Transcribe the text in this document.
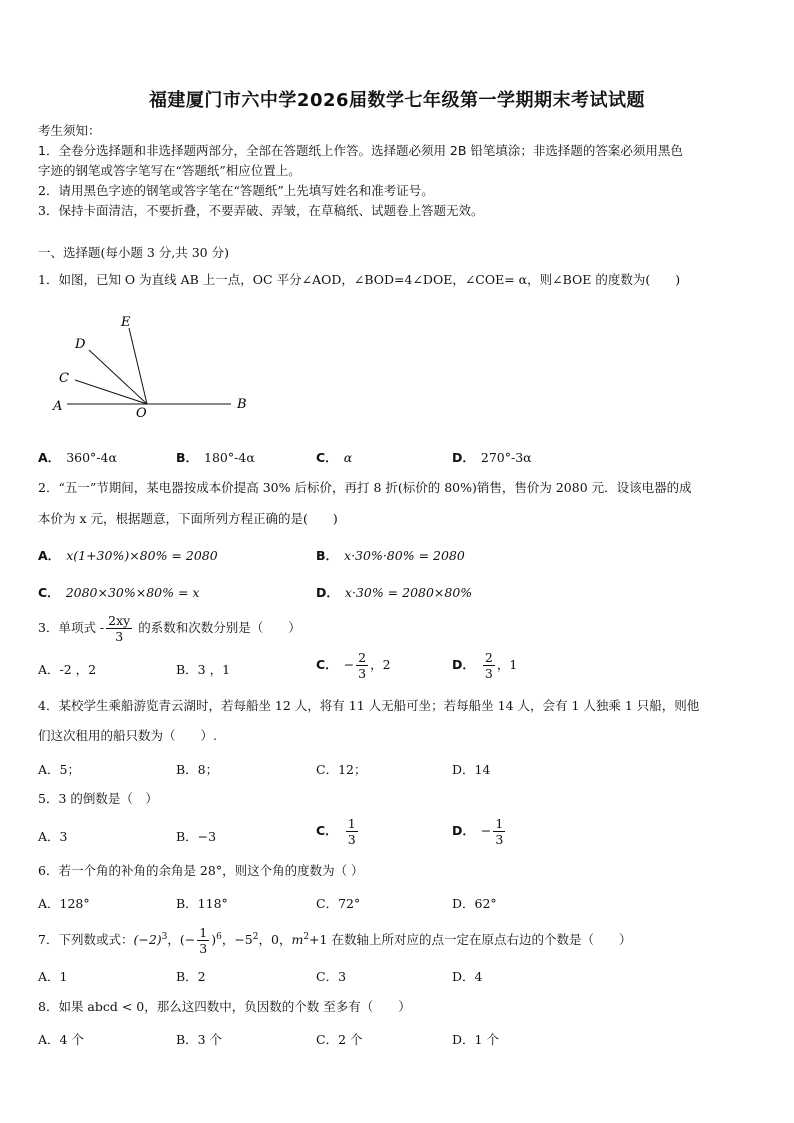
福建厦门市六中学2026届数学七年级第一学期期末考试试题
考生须知：
1．全卷分选择题和非选择题两部分，全部在答题纸上作答。选择题必须用 2B 铅笔填涂；非选择题的答案必须用黑色
字迹的钢笔或答字笔写在“答题纸”相应位置上。
2．请用黑色字迹的钢笔或答字笔在“答题纸”上先填写姓名和准考证号。
3．保持卡面清洁，不要折叠，不要弄破、弄皱，在草稿纸、试题卷上答题无效。
一、选择题(每小题 3 分,共 30 分)
1．如图，已知 O 为直线 AB 上一点，OC 平分∠AOD，∠BOD=4∠DOE，∠COE= α，则∠BOE 的度数为(　　)
A	B
C
D
E
O
A． 360°-4α	B． 180°-4α	C． α	D． 270°-3α
2．“五一”节期间，某电器按成本价提高 30% 后标价，再打 8 折(标价的 80%)销售，售价为 2080 元．设该电器的成
本价为 x 元，根据题意，下面所列方程正确的是(　　)
A． x(1+30%)×80% = 2080	B． x·30%·80% = 2080
C． 2080×30%×80% = x	D． x·30% = 2080×80%
3．单项式 - $\frac{2xy}{3}$ 的系数和次数分别是（　　）
A．-2 ，2	B．3 ，1	C． − $\frac{2}{3}$ ，2	D． $\frac{2}{3}$ ，1
4．某校学生乘船游览青云湖时，若每船坐 12 人，将有 11 人无船可坐；若每船坐 14 人，会有 1 人独乘 1 只船，则他
们这次租用的船只数为（　　）.
A．5；	B．8；	C．12；	D．14
5．3 的倒数是（　）
A．3	B．−3	C． $\frac{1}{3}$	D． − $\frac{1}{3}$
6．若一个角的补角的余角是 28°，则这个角的度数为（ ）
A．128°	B．118°	C．72°	D．62°
7．下列数或式：$(-2)^3$，(− $\frac{1}{3} )^6$，$-5^2$，0，$m^2+1$ 在数轴上所对应的点一定在原点右边的个数是（　　）
A．1	B．2	C．3	D．4
8．如果 abcd < 0，那么这四数中，负因数的个数 至多有（　　）
A．4 个	B．3 个	C．2 个	D．1 个
